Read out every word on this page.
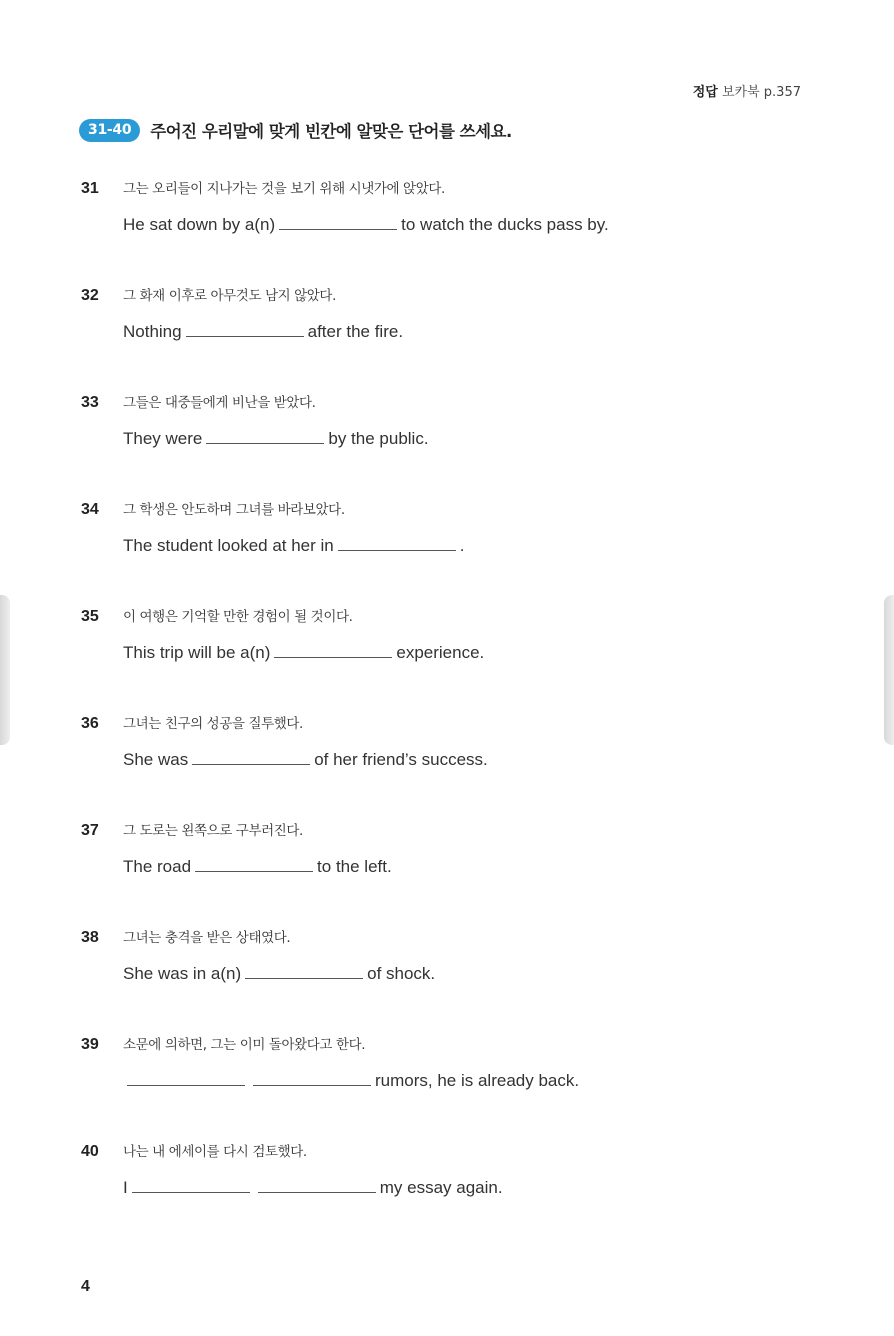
정답 보카북 p.357
31-40	주어진 우리말에 맞게 빈칸에 알맞은 단어를 쓰세요.
31	그는 오리들이 지나가는 것을 보기 위해 시냇가에 앉았다.
He sat down by a(n)	to watch the ducks pass by.
32	그 화재 이후로 아무것도 남지 않았다.
Nothing	after the fire.
33	그들은 대중들에게 비난을 받았다.
They were	by the public.
34	그 학생은 안도하며 그녀를 바라보았다.
The student looked at her in	.
35	이 여행은 기억할 만한 경험이 될 것이다.
This trip will be a(n)	experience.
36	그녀는 친구의 성공을 질투했다.
She was	of her friend’s success.
37	그 도로는 왼쪽으로 구부러진다.
The road	to the left.
38	그녀는 충격을 받은 상태였다.
She was in a(n)	of shock.
39	소문에 의하면, 그는 이미 돌아왔다고 한다.
rumors, he is already back.
40	나는 내 에세이를 다시 검토했다.
I	my essay again.
4
